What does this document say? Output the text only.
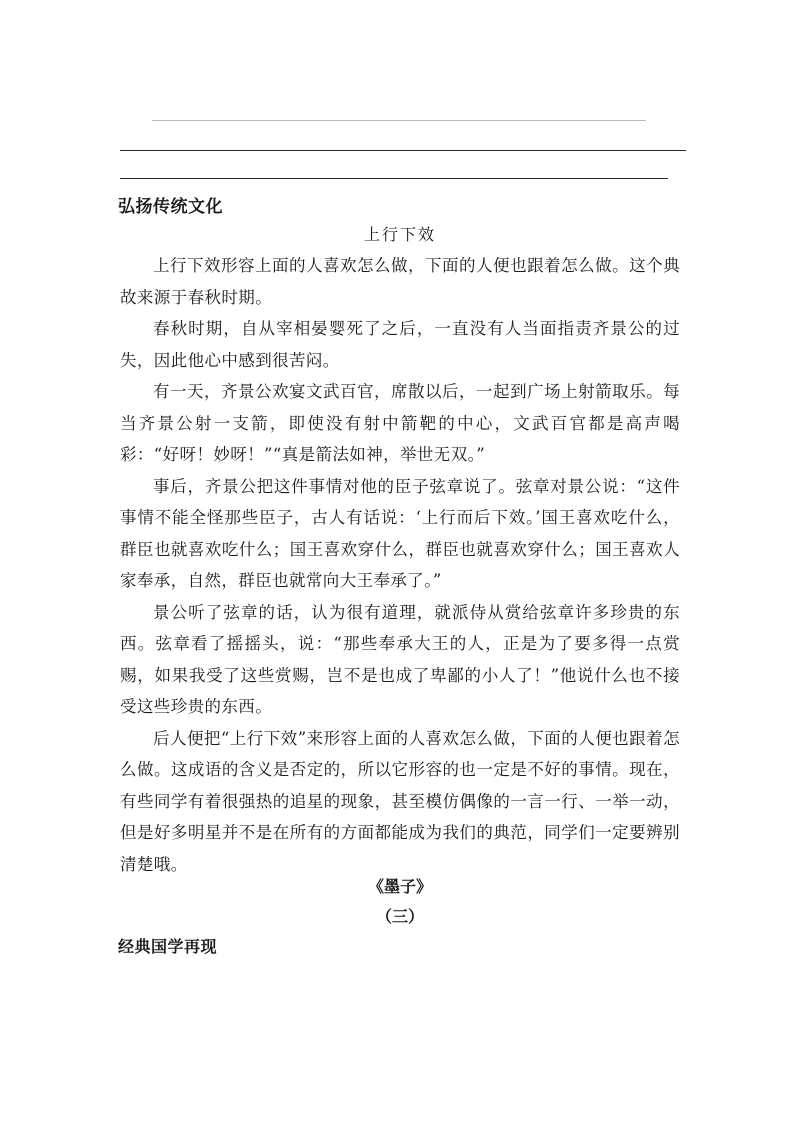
弘扬传统文化
上行下效

上行下效形容上面的人喜欢怎么做，下面的人便也跟着怎么做。这个典故来源于春秋时期。

春秋时期，自从宰相晏婴死了之后，一直没有人当面指责齐景公的过失，因此他心中感到很苦闷。

有一天，齐景公欢宴文武百官，席散以后，一起到广场上射箭取乐。每当齐景公射一支箭，即使没有射中箭靶的中心，文武百官都是高声喝彩：“好呀！妙呀！”“真是箭法如神，举世无双。”

事后，齐景公把这件事情对他的臣子弦章说了。弦章对景公说：“这件事情不能全怪那些臣子，古人有话说：‘上行而后下效。’国王喜欢吃什么，群臣也就喜欢吃什么；国王喜欢穿什么，群臣也就喜欢穿什么；国王喜欢人家奉承，自然，群臣也就常向大王奉承了。”

景公听了弦章的话，认为很有道理，就派侍从赏给弦章许多珍贵的东西。弦章看了摇摇头，说：“那些奉承大王的人，正是为了要多得一点赏赐，如果我受了这些赏赐，岂不是也成了卑鄙的小人了！”他说什么也不接受这些珍贵的东西。

后人便把“上行下效”来形容上面的人喜欢怎么做，下面的人便也跟着怎么做。这成语的含义是否定的，所以它形容的也一定是不好的事情。现在，有些同学有着很强热的追星的现象，甚至模仿偶像的一言一行、一举一动，但是好多明星并不是在所有的方面都能成为我们的典范，同学们一定要辨别清楚哦。

《墨子》
（三）
经典国学再现
